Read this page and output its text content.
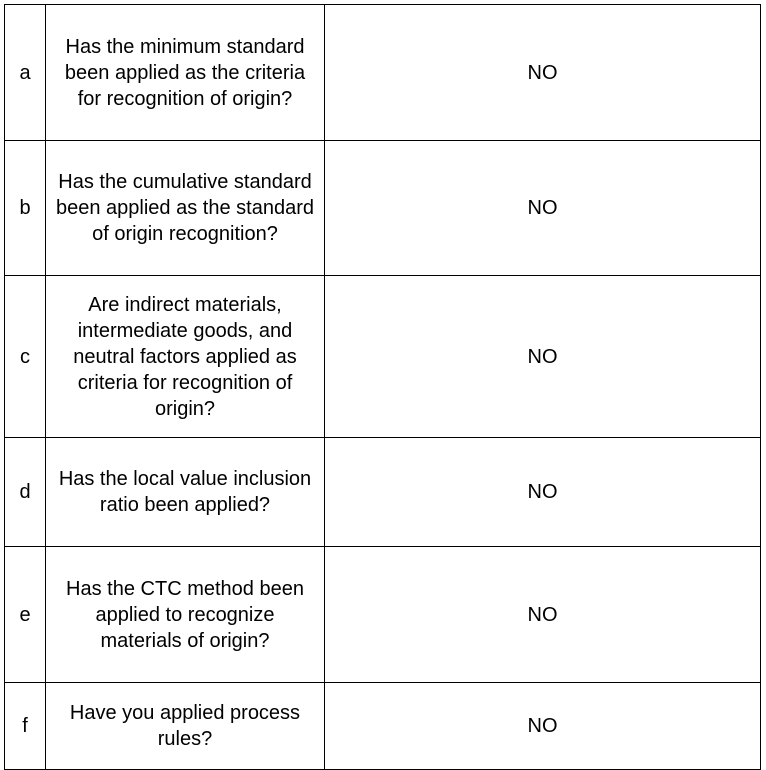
a	Has the minimum standard been applied as the criteria for recognition of origin?	NO
b	Has the cumulative standard been applied as the standard of origin recognition?	NO
c	Are indirect materials, intermediate goods, and neutral factors applied as criteria for recognition of origin?	NO
d	Has the local value inclusion ratio been applied?	NO
e	Has the CTC method been applied to recognize materials of origin?	NO
f	Have you applied process rules?	NO
